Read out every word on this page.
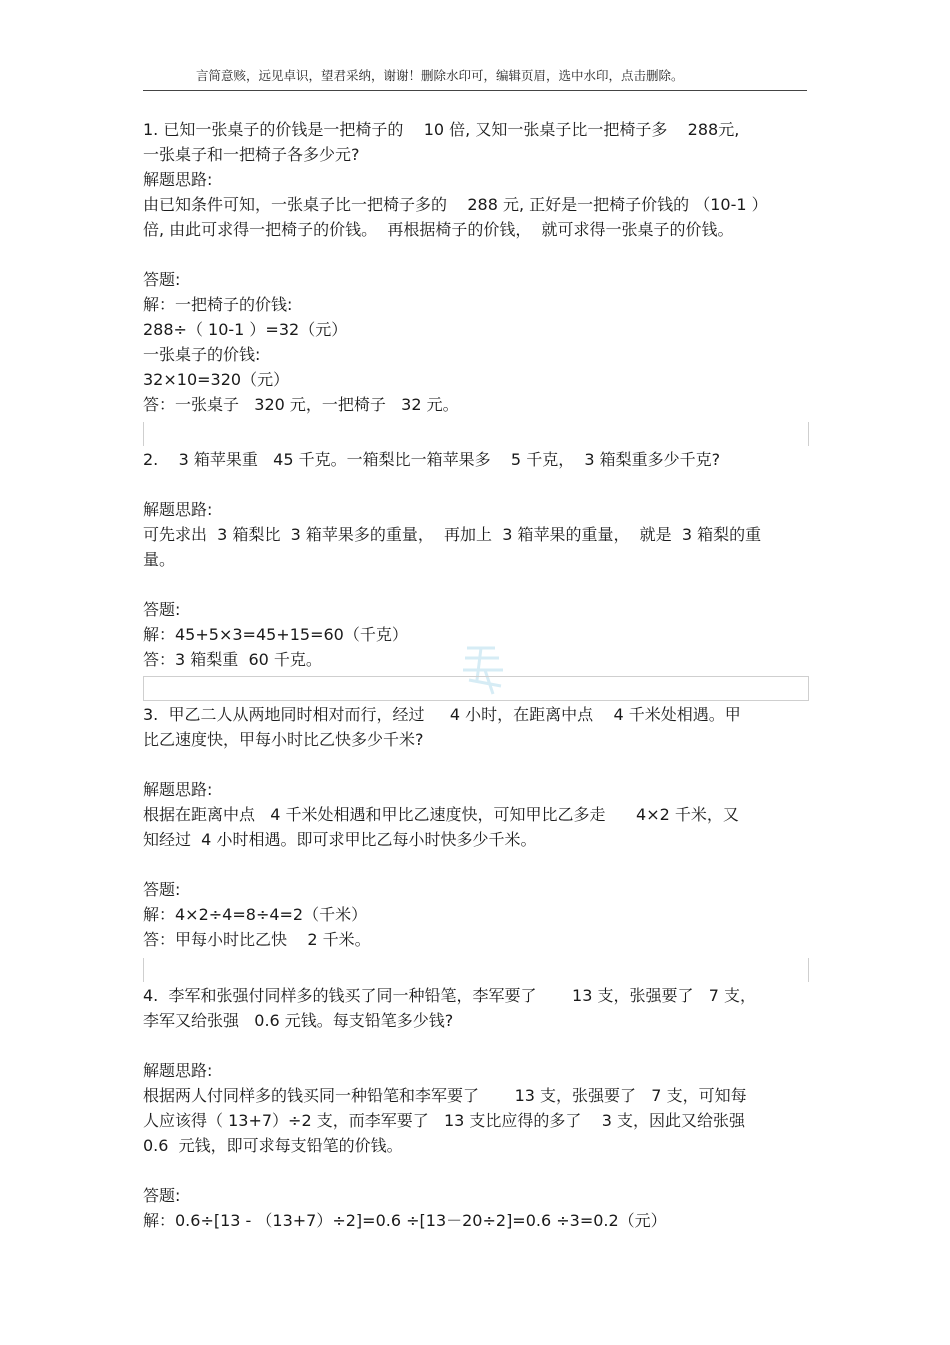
言简意赅，远见卓识，望君采纳，谢谢！删除水印可，编辑页眉，选中水印，点击删除。
1. 已知一张桌子的价钱是一把椅子的    10 倍, 又知一张桌子比一把椅子多    288元,
一张桌子和一把椅子各多少元?
解题思路:
由已知条件可知，一张桌子比一把椅子多的    288 元, 正好是一把椅子价钱的 （10-1 ）
倍, 由此可求得一把椅子的价钱。  再根据椅子的价钱，  就可求得一张桌子的价钱。
答题:
解：一把椅子的价钱:
288÷（ 10-1 ）=32（元）
一张桌子的价钱:
32×10=320（元）
答：一张桌子   320 元，一把椅子   32 元。
2.    3 箱苹果重   45 千克。一箱梨比一箱苹果多    5 千克，  3 箱梨重多少千克?
解题思路:
可先求出  3 箱梨比  3 箱苹果多的重量，  再加上  3 箱苹果的重量，  就是  3 箱梨的重
量。
答题:
解：45+5×3=45+15=60（千克）
答：3 箱梨重  60 千克。
3.  甲乙二人从两地同时相对而行，经过     4 小时，在距离中点    4 千米处相遇。甲
比乙速度快，甲每小时比乙快多少千米?
解题思路:
根据在距离中点   4 千米处相遇和甲比乙速度快，可知甲比乙多走      4×2 千米，又
知经过  4 小时相遇。即可求甲比乙每小时快多少千米。
答题:
解：4×2÷4=8÷4=2（千米）
答：甲每小时比乙快    2 千米。
4.  李军和张强付同样多的钱买了同一种铅笔，李军要了       13 支，张强要了   7 支，
李军又给张强   0.6 元钱。每支铅笔多少钱?
解题思路:
根据两人付同样多的钱买同一种铅笔和李军要了       13 支，张强要了   7 支，可知每
人应该得（ 13+7）÷2 支，而李军要了   13 支比应得的多了    3 支，因此又给张强
0.6  元钱，即可求每支铅笔的价钱。
答题:
解：0.6÷[13 - （13+7）÷2]=0.6 ÷[13－20÷2]=0.6 ÷3=0.2（元）
